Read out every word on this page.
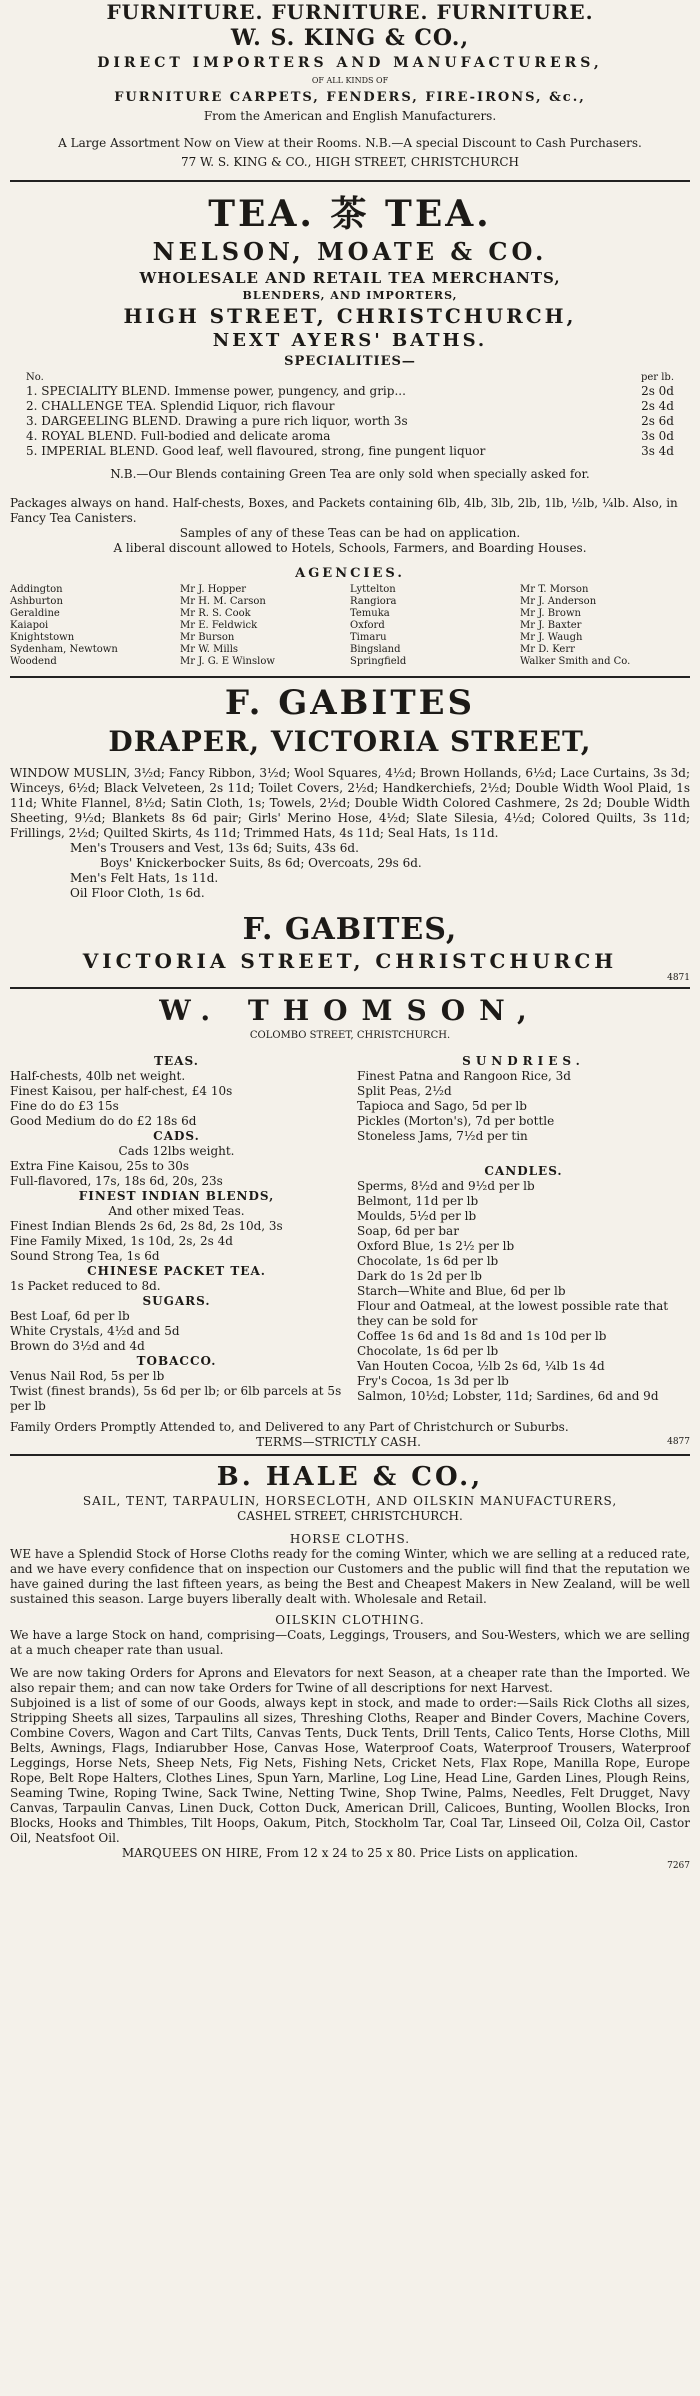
FURNITURE. FURNITURE. FURNITURE.
W. S. KING & CO.,
DIRECT IMPORTERS AND MANUFACTURERS,
OF ALL KINDS OF
FURNITURE CARPETS, FENDERS, FIRE-IRONS, &c.,
From the American and English Manufacturers.
A Large Assortment Now on View at their Rooms. N.B.—A special Discount to Cash Purchasers.
77 W. S. KING & CO., HIGH STREET, CHRISTCHURCH
TEA. 茶 TEA.
NELSON, MOATE & CO.
WHOLESALE AND RETAIL TEA MERCHANTS,
BLENDERS, AND IMPORTERS,
HIGH STREET, CHRISTCHURCH,
NEXT AYERS' BATHS.
SPECIALITIES—
No.	per lb.
1. SPECIALITY BLEND. Immense power, pungency, and grip...	2s 0d
2. CHALLENGE TEA. Splendid Liquor, rich flavour	2s 4d
3. DARGEELING BLEND. Drawing a pure rich liquor, worth 3s	2s 6d
4. ROYAL BLEND. Full-bodied and delicate aroma	3s 0d
5. IMPERIAL BLEND. Good leaf, well flavoured, strong, fine pungent liquor	3s 4d
N.B.—Our Blends containing Green Tea are only sold when specially asked for.
Packages always on hand. Half-chests, Boxes, and Packets containing 6lb, 4lb, 3lb, 2lb, 1lb, ½lb, ¼lb. Also, in Fancy Tea Canisters.
Samples of any of these Teas can be had on application.
A liberal discount allowed to Hotels, Schools, Farmers, and Boarding Houses.
AGENCIES.
Addington	Mr J. Hopper	Lyttelton	Mr T. Morson
Ashburton	Mr H. M. Carson	Rangiora	Mr J. Anderson
Geraldine	Mr R. S. Cook	Temuka	Mr J. Brown
Kaiapoi	Mr E. Feldwick	Oxford	Mr J. Baxter
Knightstown	Mr Burson	Timaru	Mr J. Waugh
Sydenham, Newtown	Mr W. Mills	Bingsland	Mr D. Kerr
Woodend	Mr J. G. E Winslow	Springfield	Walker Smith and Co.
F. GABITES
DRAPER, VICTORIA STREET,
WINDOW MUSLIN, 3½d; Fancy Ribbon, 3½d; Wool Squares, 4½d; Brown Hollands, 6½d; Lace Curtains, 3s 3d; Winceys, 6½d; Black Velveteen, 2s 11d; Toilet Covers, 2½d; Handkerchiefs, 2½d; Double Width Wool Plaid, 1s 11d; White Flannel, 8½d; Satin Cloth, 1s; Towels, 2½d; Double Width Colored Cashmere, 2s 2d; Double Width Sheeting, 9½d; Blankets 8s 6d pair; Girls' Merino Hose, 4½d; Slate Silesia, 4½d; Colored Quilts, 3s 11d; Frillings, 2½d; Quilted Skirts, 4s 11d; Trimmed Hats, 4s 11d; Seal Hats, 1s 11d.
Men's Trousers and Vest, 13s 6d; Suits, 43s 6d.
Boys' Knickerbocker Suits, 8s 6d; Overcoats, 29s 6d.
Men's Felt Hats, 1s 11d.
Oil Floor Cloth, 1s 6d.
F. GABITES,
VICTORIA STREET, CHRISTCHURCH
4871
W. THOMSON,
COLOMBO STREET, CHRISTCHURCH.
TEAS.
Half-chests, 40lb net weight.
Finest Kaisou, per half-chest, £4 10s
Fine do do £3 15s
Good Medium do do £2 18s 6d
CADS.
Cads 12lbs weight.
Extra Fine Kaisou, 25s to 30s
Full-flavored, 17s, 18s 6d, 20s, 23s
FINEST INDIAN BLENDS,
And other mixed Teas.
Finest Indian Blends 2s 6d, 2s 8d, 2s 10d, 3s
Fine Family Mixed, 1s 10d, 2s, 2s 4d
Sound Strong Tea, 1s 6d
CHINESE PACKET TEA.
1s Packet reduced to 8d.
SUGARS.
Best Loaf, 6d per lb
White Crystals, 4½d and 5d
Brown do 3½d and 4d
TOBACCO.
Venus Nail Rod, 5s per lb
Twist (finest brands), 5s 6d per lb; or 6lb parcels at 5s per lb
SUNDRIES.
Finest Patna and Rangoon Rice, 3d
Split Peas, 2½d
Tapioca and Sago, 5d per lb
Pickles (Morton's), 7d per bottle
Stoneless Jams, 7½d per tin
CANDLES.
Sperms, 8½d and 9½d per lb
Belmont, 11d per lb
Moulds, 5½d per lb
Soap, 6d per bar
Oxford Blue, 1s 2½ per lb
Chocolate, 1s 6d per lb
Dark do 1s 2d per lb
Starch—White and Blue, 6d per lb
Flour and Oatmeal, at the lowest possible rate that they can be sold for
Coffee 1s 6d and 1s 8d and 1s 10d per lb
Chocolate, 1s 6d per lb
Van Houten Cocoa, ½lb 2s 6d, ¼lb 1s 4d
Fry's Cocoa, 1s 3d per lb
Salmon, 10½d; Lobster, 11d; Sardines, 6d and 9d
Family Orders Promptly Attended to, and Delivered to any Part of Christchurch or Suburbs.
TERMS—STRICTLY CASH.	4877
B. HALE & CO.,
SAIL, TENT, TARPAULIN, HORSECLOTH, AND OILSKIN MANUFACTURERS,
CASHEL STREET, CHRISTCHURCH.
HORSE CLOTHS.
WE have a Splendid Stock of Horse Cloths ready for the coming Winter, which we are selling at a reduced rate, and we have every confidence that on inspection our Customers and the public will find that the reputation we have gained during the last fifteen years, as being the Best and Cheapest Makers in New Zealand, will be well sustained this season. Large buyers liberally dealt with. Wholesale and Retail.
OILSKIN CLOTHING.
We have a large Stock on hand, comprising—Coats, Leggings, Trousers, and Sou-Westers, which we are selling at a much cheaper rate than usual.
We are now taking Orders for Aprons and Elevators for next Season, at a cheaper rate than the Imported. We also repair them; and can now take Orders for Twine of all descriptions for next Harvest.
Subjoined is a list of some of our Goods, always kept in stock, and made to order:—Sails Rick Cloths all sizes, Stripping Sheets all sizes, Tarpaulins all sizes, Threshing Cloths, Reaper and Binder Covers, Machine Covers, Combine Covers, Wagon and Cart Tilts, Canvas Tents, Duck Tents, Drill Tents, Calico Tents, Horse Cloths, Mill Belts, Awnings, Flags, Indiarubber Hose, Canvas Hose, Waterproof Coats, Waterproof Trousers, Waterproof Leggings, Horse Nets, Sheep Nets, Fig Nets, Fishing Nets, Cricket Nets, Flax Rope, Manilla Rope, Europe Rope, Belt Rope Halters, Clothes Lines, Spun Yarn, Marline, Log Line, Head Line, Garden Lines, Plough Reins, Seaming Twine, Roping Twine, Sack Twine, Netting Twine, Shop Twine, Palms, Needles, Felt Drugget, Navy Canvas, Tarpaulin Canvas, Linen Duck, Cotton Duck, American Drill, Calicoes, Bunting, Woollen Blocks, Iron Blocks, Hooks and Thimbles, Tilt Hoops, Oakum, Pitch, Stockholm Tar, Coal Tar, Linseed Oil, Colza Oil, Castor Oil, Neatsfoot Oil.
MARQUEES ON HIRE, From 12 x 24 to 25 x 80. Price Lists on application.
7267
